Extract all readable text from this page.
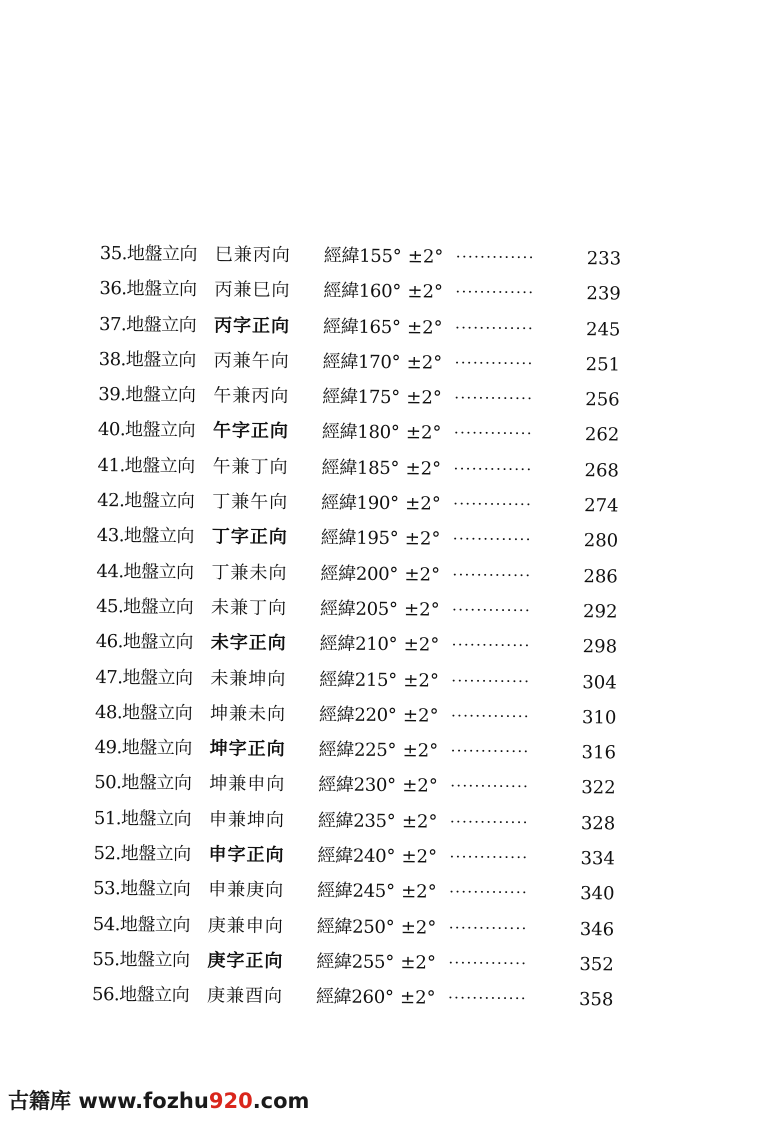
35.地盤立向 巳兼丙向 經緯155° ±2° ·············	233
36.地盤立向 丙兼巳向 經緯160° ±2° ·············	239
37.地盤立向 丙字正向 經緯165° ±2° ·············	245
38.地盤立向 丙兼午向 經緯170° ±2° ·············	251
39.地盤立向 午兼丙向 經緯175° ±2° ·············	256
40.地盤立向 午字正向 經緯180° ±2° ·············	262
41.地盤立向 午兼丁向 經緯185° ±2° ·············	268
42.地盤立向 丁兼午向 經緯190° ±2° ·············	274
43.地盤立向 丁字正向 經緯195° ±2° ·············	280
44.地盤立向 丁兼未向 經緯200° ±2° ·············	286
45.地盤立向 未兼丁向 經緯205° ±2° ·············	292
46.地盤立向 未字正向 經緯210° ±2° ·············	298
47.地盤立向 未兼坤向 經緯215° ±2° ·············	304
48.地盤立向 坤兼未向 經緯220° ±2° ·············	310
49.地盤立向 坤字正向 經緯225° ±2° ·············	316
50.地盤立向 坤兼申向 經緯230° ±2° ·············	322
51.地盤立向 申兼坤向 經緯235° ±2° ·············	328
52.地盤立向 申字正向 經緯240° ±2° ·············	334
53.地盤立向 申兼庚向 經緯245° ±2° ·············	340
54.地盤立向 庚兼申向 經緯250° ±2° ·············	346
55.地盤立向 庚字正向 經緯255° ±2° ·············	352
56.地盤立向 庚兼酉向 經緯260° ±2° ·············	358
古籍库 www.fozhu920.com
